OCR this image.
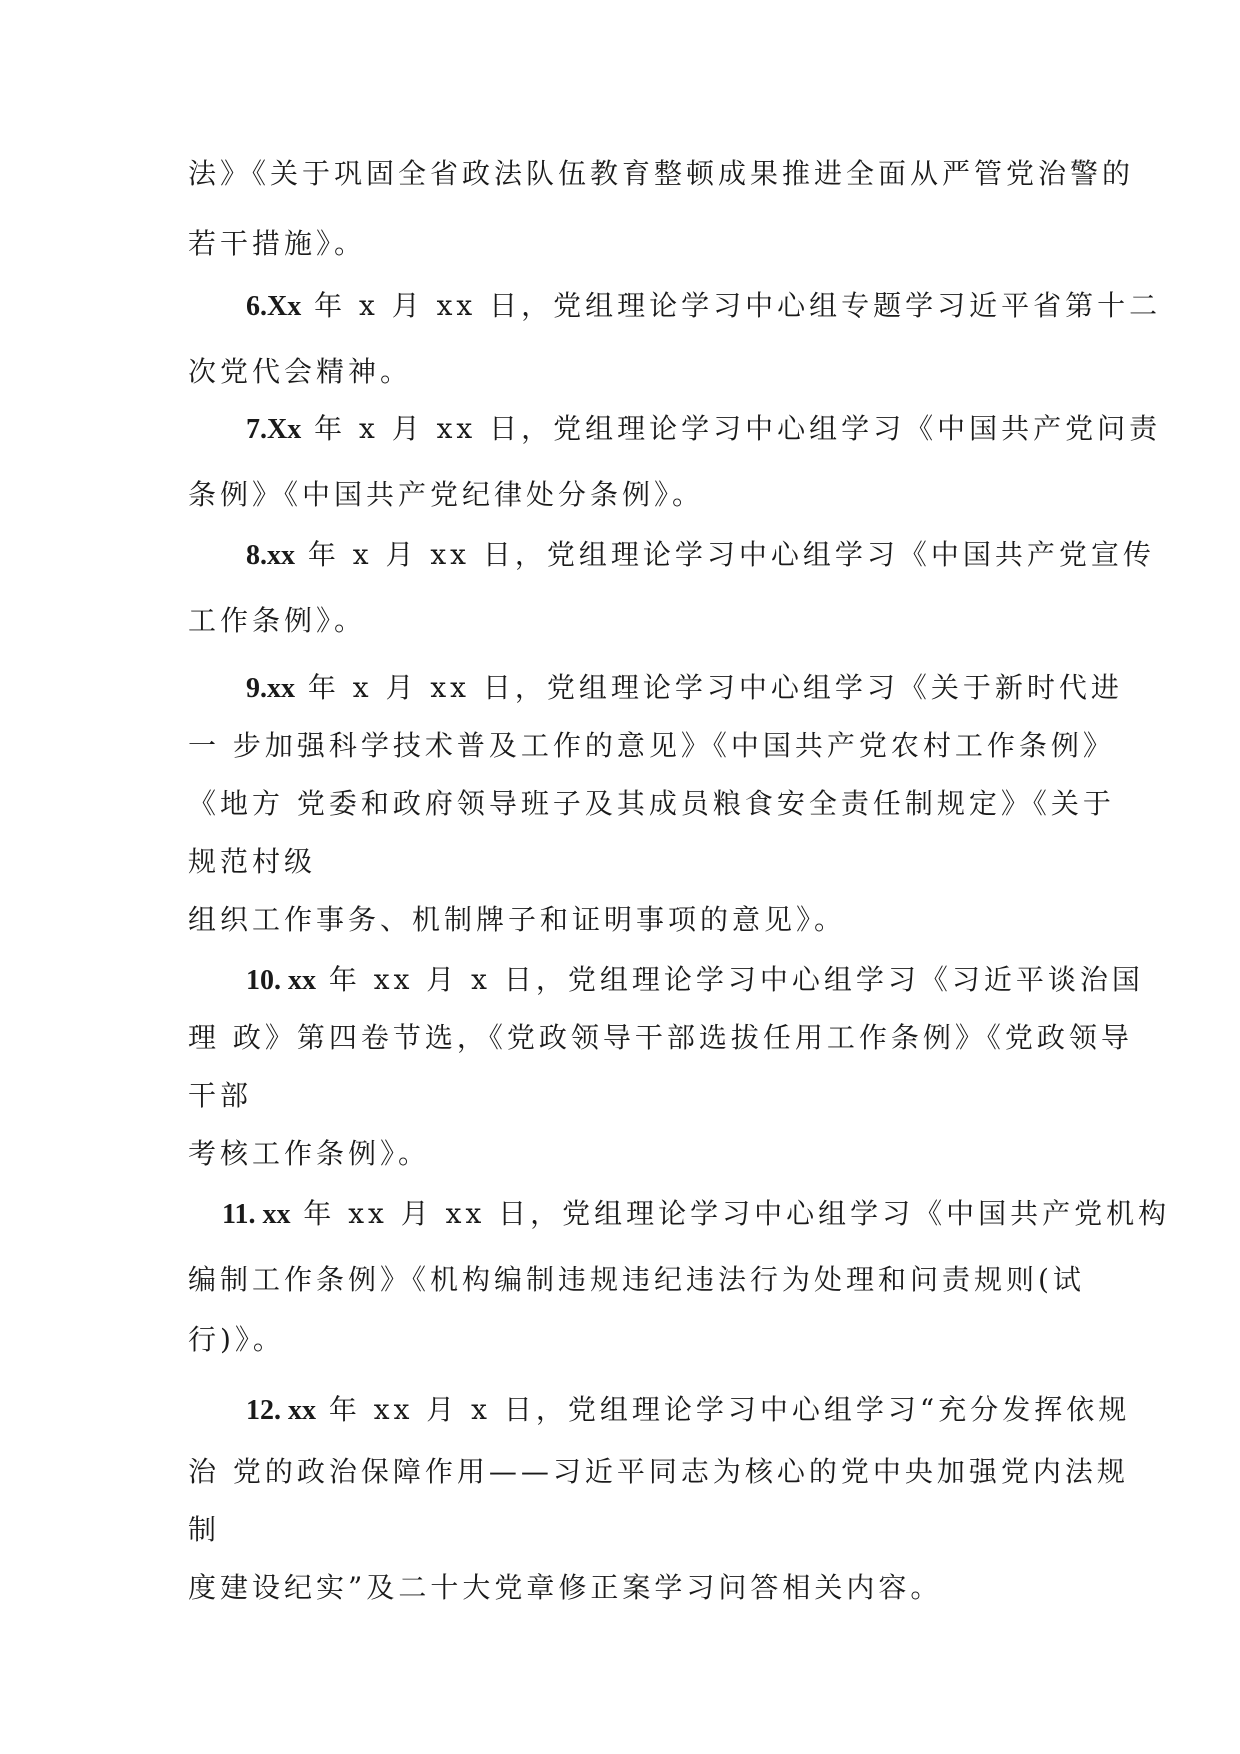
法》《关于巩固全省政法队伍教育整顿成果推进全面从严管党治警的
若干措施》。
6.Xx 年 x 月 xx 日，党组理论学习中心组专题学习近平省第十二
次党代会精神。
7.Xx 年 x 月 xx 日，党组理论学习中心组学习《中国共产党问责
条例》《中国共产党纪律处分条例》。
8.xx 年 x 月 xx 日，党组理论学习中心组学习《中国共产党宣传
工作条例》。
9.xx 年 x 月 xx 日，党组理论学习中心组学习《关于新时代进
一 步加强科学技术普及工作的意见》《中国共产党农村工作条例》
《地方 党委和政府领导班子及其成员粮食安全责任制规定》《关于
规范村级
组织工作事务、机制牌子和证明事项的意见》。
10. xx 年 xx 月 x 日，党组理论学习中心组学习《习近平谈治国
理 政》第四卷节选，《党政领导干部选拔任用工作条例》《党政领导
干部
考核工作条例》。
11. xx 年 xx 月 xx 日，党组理论学习中心组学习《中国共产党机构
编制工作条例》《机构编制违规违纪违法行为处理和问责规则(试
行)》。
12. xx 年 xx 月 x 日，党组理论学习中心组学习“充分发挥依规
治 党的政治保障作用——习近平同志为核心的党中央加强党内法规
制
度建设纪实”及二十大党章修正案学习问答相关内容。
